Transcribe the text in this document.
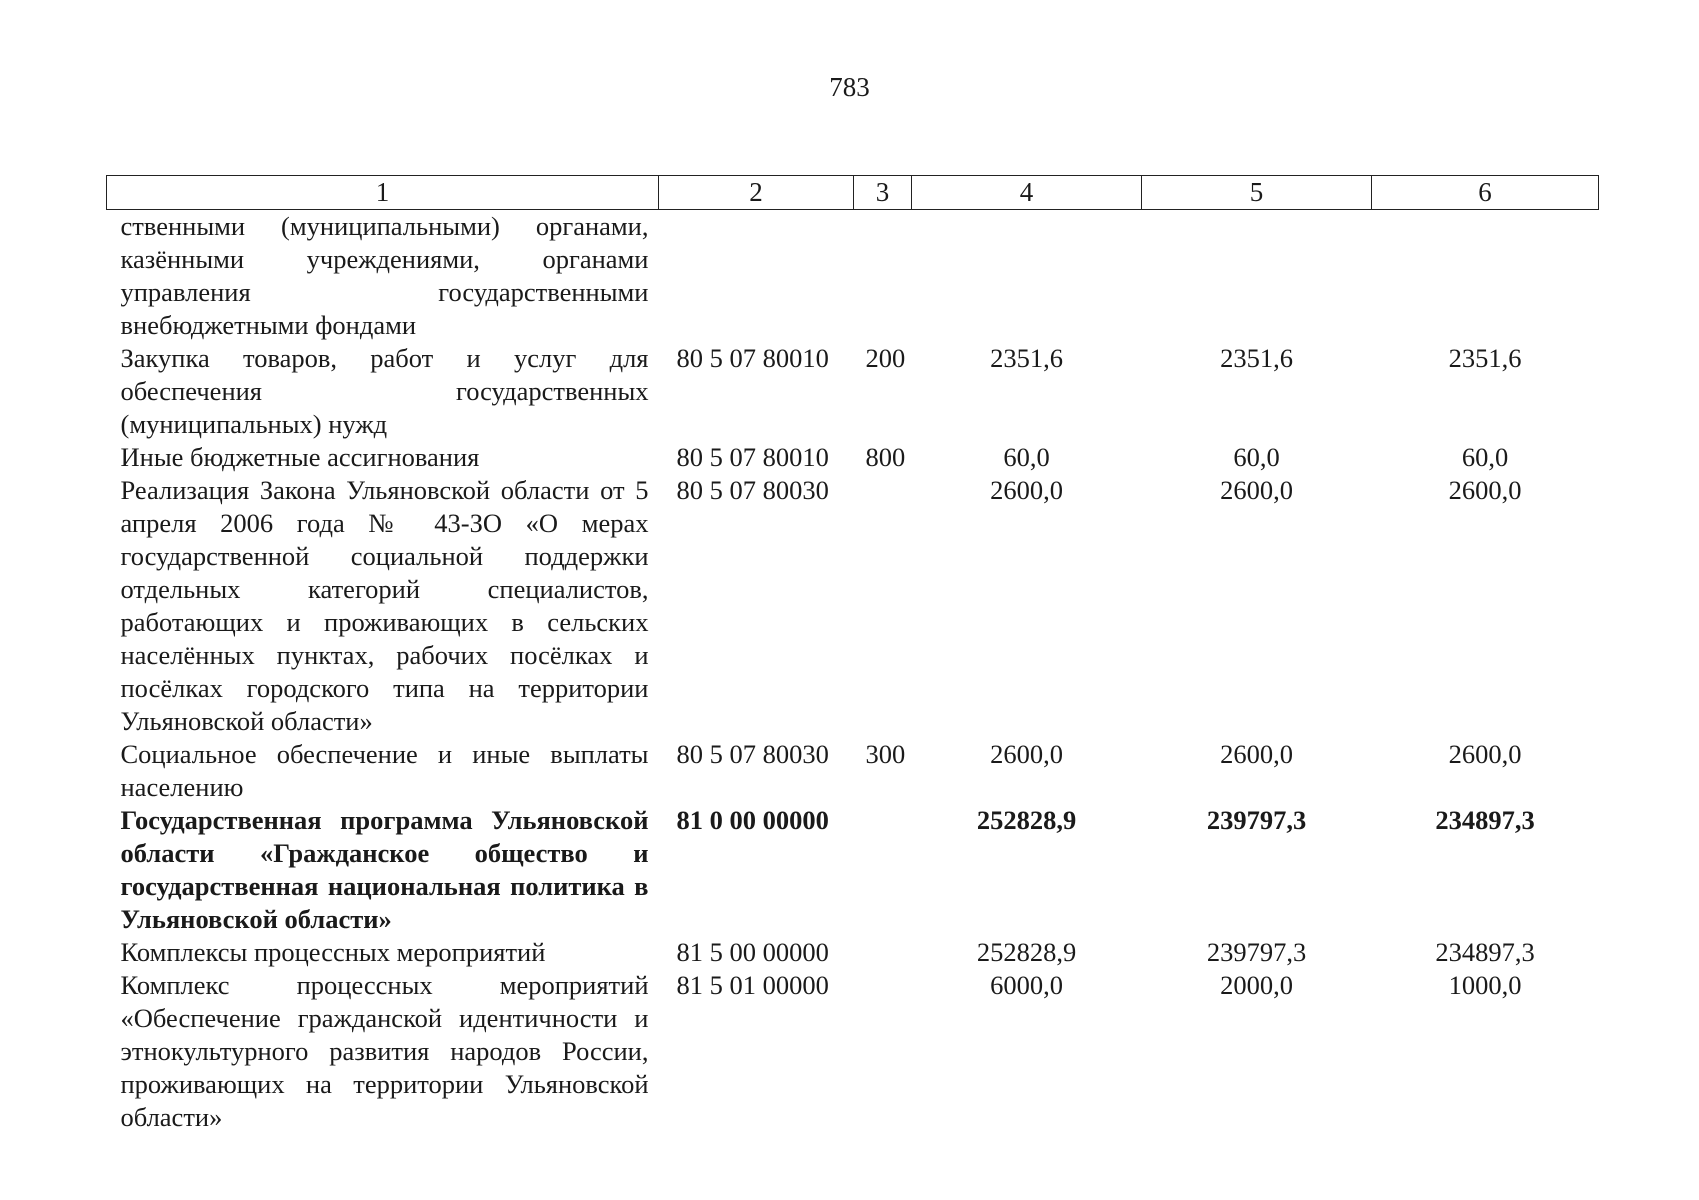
783
1	2	3	4	5	6
ственными (муниципальными) органами, казёнными учреждениями, органами управления государственными внебюджетными фондами					
Закупка товаров, работ и услуг для обеспечения государственных (муниципальных) нужд	80 5 07 80010	200	2351,6	2351,6	2351,6
Иные бюджетные ассигнования	80 5 07 80010	800	60,0	60,0	60,0
Реализация Закона Ульяновской области от 5 апреля 2006 года № 43-ЗО «О мерах государственной социальной поддержки отдельных категорий специалистов, работающих и проживающих в сельских населённых пунктах, рабочих посёлках и посёлках городского типа на территории Ульяновской области»	80 5 07 80030		2600,0	2600,0	2600,0
Социальное обеспечение и иные выплаты населению	80 5 07 80030	300	2600,0	2600,0	2600,0
Государственная программа Ульяновской области «Гражданское общество и государственная национальная политика в Ульяновской области»	81 0 00 00000		252828,9	239797,3	234897,3
Комплексы процессных мероприятий	81 5 00 00000		252828,9	239797,3	234897,3
Комплекс процессных мероприятий «Обеспечение гражданской идентичности и этнокультурного развития народов России, проживающих на территории Ульяновской области»	81 5 01 00000		6000,0	2000,0	1000,0
